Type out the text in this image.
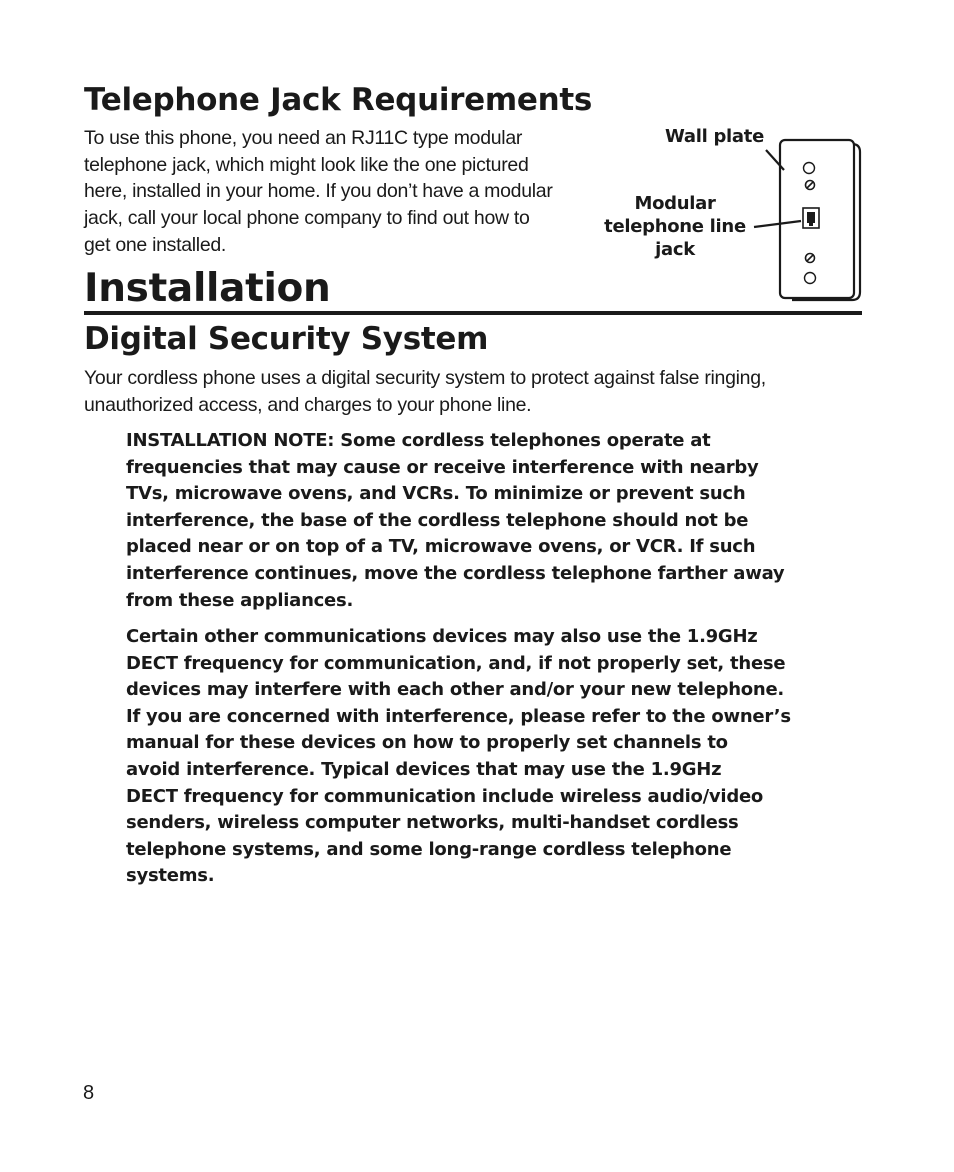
Telephone Jack Requirements

To use this phone, you need an RJ11C type modular
telephone jack, which might look like the one pictured
here, installed in your home. If you don’t have a modular
jack, call your local phone company to find out how to
get one installed.

Wall plate
Modular
telephone line
jack
Installation
Digital Security System

Your cordless phone uses a digital security system to protect against false ringing,
unauthorized access, and charges to your phone line.

INSTALLATION NOTE: Some cordless telephones operate at
frequencies that may cause or receive interference with nearby
TVs, microwave ovens, and VCRs. To minimize or prevent such
interference, the base of the cordless telephone should not be
placed near or on top of a TV, microwave ovens, or VCR. If such
interference continues, move the cordless telephone farther away
from these appliances.

Certain other communications devices may also use the 1.9GHz
DECT frequency for communication, and, if not properly set, these
devices may interfere with each other and/or your new telephone.
If you are concerned with interference, please refer to the owner’s
manual for these devices on how to properly set channels to
avoid interference. Typical devices that may use the 1.9GHz
DECT frequency for communication include wireless audio/video
senders, wireless computer networks, multi-handset cordless
telephone systems, and some long-range cordless telephone
systems.

8
